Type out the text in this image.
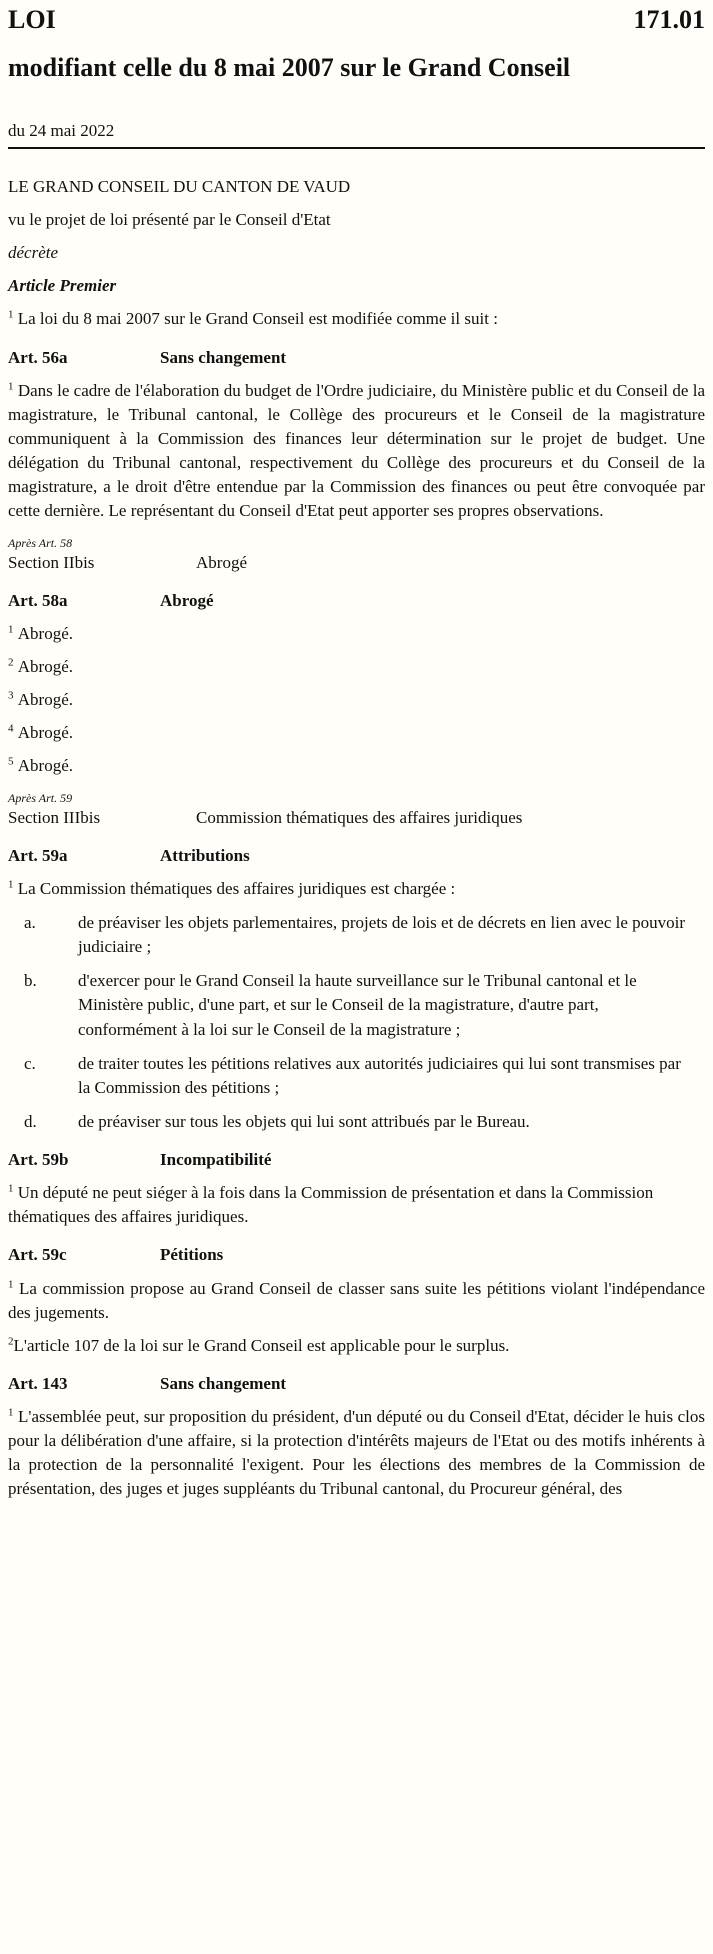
LOI	171.01
modifiant celle du 8 mai 2007 sur le Grand Conseil
du 24 mai 2022

LE GRAND CONSEIL DU CANTON DE VAUD

vu le projet de loi présenté par le Conseil d'Etat

décrète

Article Premier

$^1$ La loi du 8 mai 2007 sur le Grand Conseil est modifiée comme il suit :

Art. 56a	Sans changement

$^1$ Dans le cadre de l'élaboration du budget de l'Ordre judiciaire, du Ministère public et du Conseil de la magistrature, le Tribunal cantonal, le Collège des procureurs et le Conseil de la magistrature communiquent à la Commission des finances leur détermination sur le projet de budget. Une délégation du Tribunal cantonal, respectivement du Collège des procureurs et du Conseil de la magistrature, a le droit d'être entendue par la Commission des finances ou peut être convoquée par cette dernière. Le représentant du Conseil d'Etat peut apporter ses propres observations.

Après Art. 58
Section IIbis	Abrogé
Art. 58a	Abrogé

$^1$ Abrogé.

$^2$ Abrogé.

$^3$ Abrogé.

$^4$ Abrogé.

$^5$ Abrogé.

Après Art. 59
Section IIIbis	Commission thématiques des affaires juridiques
Art. 59a	Attributions

$^1$ La Commission thématiques des affaires juridiques est chargée :

a.	de préaviser les objets parlementaires, projets de lois et de décrets en lien avec le pouvoir judiciaire ;
b.	d'exercer pour le Grand Conseil la haute surveillance sur le Tribunal cantonal et le Ministère public, d'une part, et sur le Conseil de la magistrature, d'autre part, conformément à la loi sur le Conseil de la magistrature ;
c.	de traiter toutes les pétitions relatives aux autorités judiciaires qui lui sont transmises par la Commission des pétitions ;
d.	de préaviser sur tous les objets qui lui sont attribués par le Bureau.
Art. 59b	Incompatibilité

$^1$ Un député ne peut siéger à la fois dans la Commission de présentation et dans la Commission thématiques des affaires juridiques.

Art. 59c	Pétitions

$^1$ La commission propose au Grand Conseil de classer sans suite les pétitions violant l'indépendance des jugements.

$^2$L'article 107 de la loi sur le Grand Conseil est applicable pour le surplus.

Art. 143	Sans changement

$^1$ L'assemblée peut, sur proposition du président, d'un député ou du Conseil d'Etat, décider le huis clos pour la délibération d'une affaire, si la protection d'intérêts majeurs de l'Etat ou des motifs inhérents à la protection de la personnalité l'exigent. Pour les élections des membres de la Commission de présentation, des juges et juges suppléants du Tribunal cantonal, du Procureur général, des
